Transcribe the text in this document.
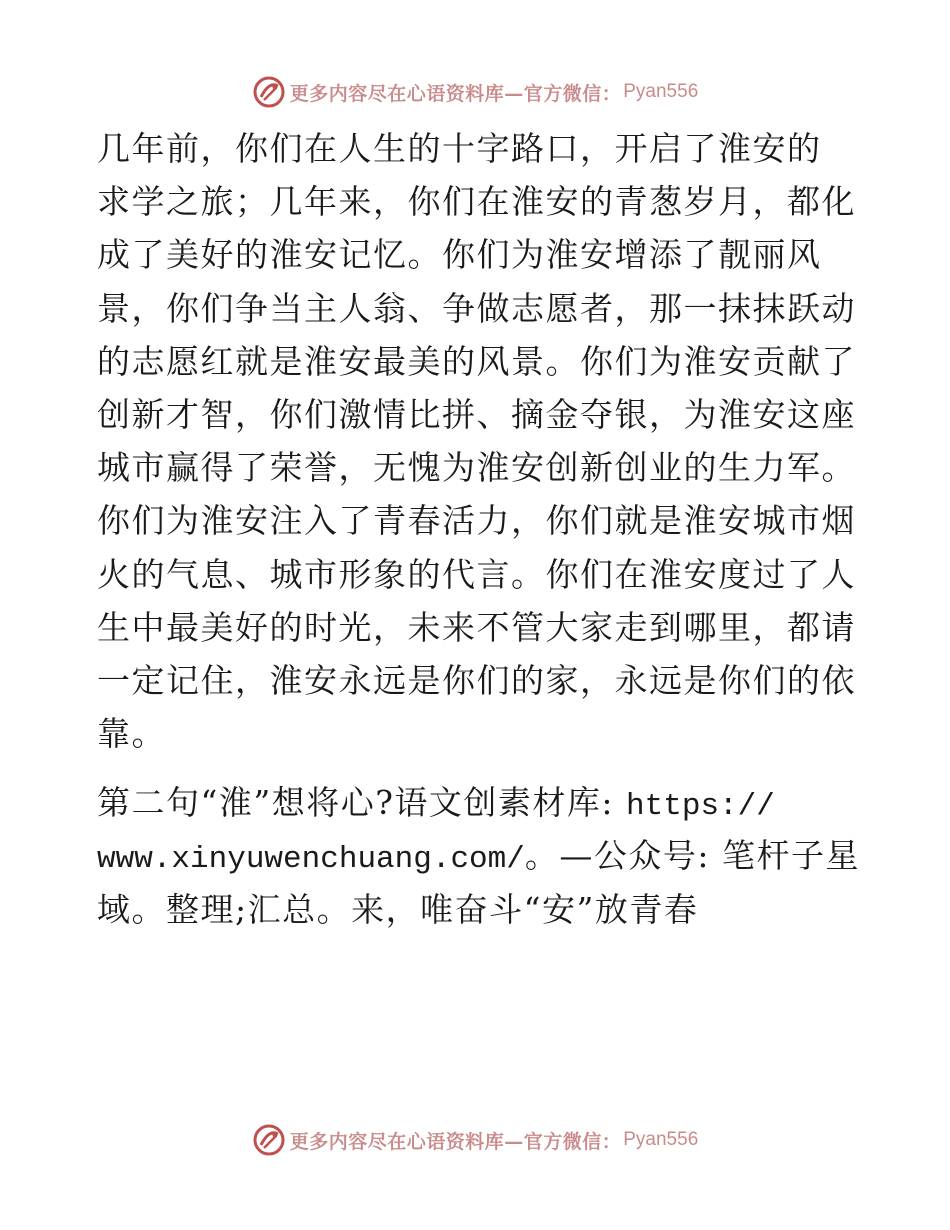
更多内容尽在心语资料库—官方微信： Pyan556
几年前，你们在人生的十字路口，开启了淮安的
求学之旅；几年来，你们在淮安的青葱岁月，都化
成了美好的淮安记忆。你们为淮安增添了靓丽风
景，你们争当主人翁、争做志愿者，那一抹抹跃动
的志愿红就是淮安最美的风景。你们为淮安贡献了
创新才智，你们激情比拼、摘金夺银，为淮安这座
城市赢得了荣誉，无愧为淮安创新创业的生力军。
你们为淮安注入了青春活力，你们就是淮安城市烟
火的气息、城市形象的代言。你们在淮安度过了人
生中最美好的时光，未来不管大家走到哪里，都请
一定记住，淮安永远是你们的家，永远是你们的依
靠。
第二句“淮”想将心?语文创素材库: https://
www.xinyuwenchuang.com/。—公众号: 笔杆子星
域。整理;汇总。来，唯奋斗“安”放青春
更多内容尽在心语资料库—官方微信： Pyan556
